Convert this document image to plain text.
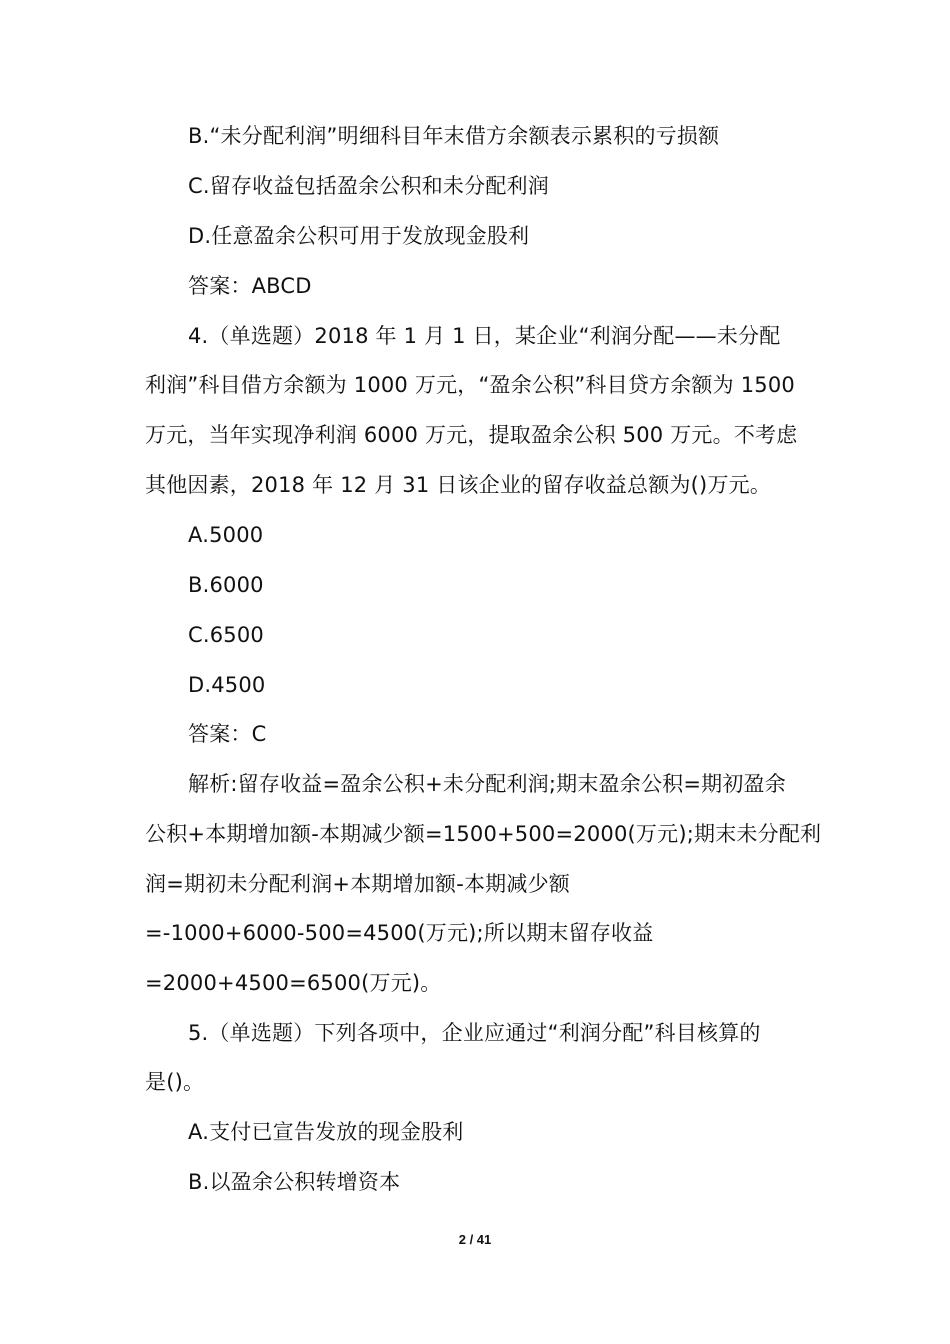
B.“未分配利润”明细科目年末借方余额表示累积的亏损额
C.留存收益包括盈余公积和未分配利润
D.任意盈余公积可用于发放现金股利
答案：ABCD
4.（单选题）2018 年 1 月 1 日，某企业“利润分配——未分配
利润”科目借方余额为 1000 万元，“盈余公积”科目贷方余额为 1500
万元，当年实现净利润 6000 万元，提取盈余公积 500 万元。不考虑
其他因素，2018 年 12 月 31 日该企业的留存收益总额为()万元。
A.5000
B.6000
C.6500
D.4500
答案：C
解析:留存收益=盈余公积+未分配利润;期末盈余公积=期初盈余
公积+本期增加额-本期减少额=1500+500=2000(万元);期末未分配利
润=期初未分配利润+本期增加额-本期减少额
=-1000+6000-500=4500(万元);所以期末留存收益
=2000+4500=6500(万元)。
5.（单选题）下列各项中，企业应通过“利润分配”科目核算的
是()。
A.支付已宣告发放的现金股利
B.以盈余公积转增资本
2 / 41
